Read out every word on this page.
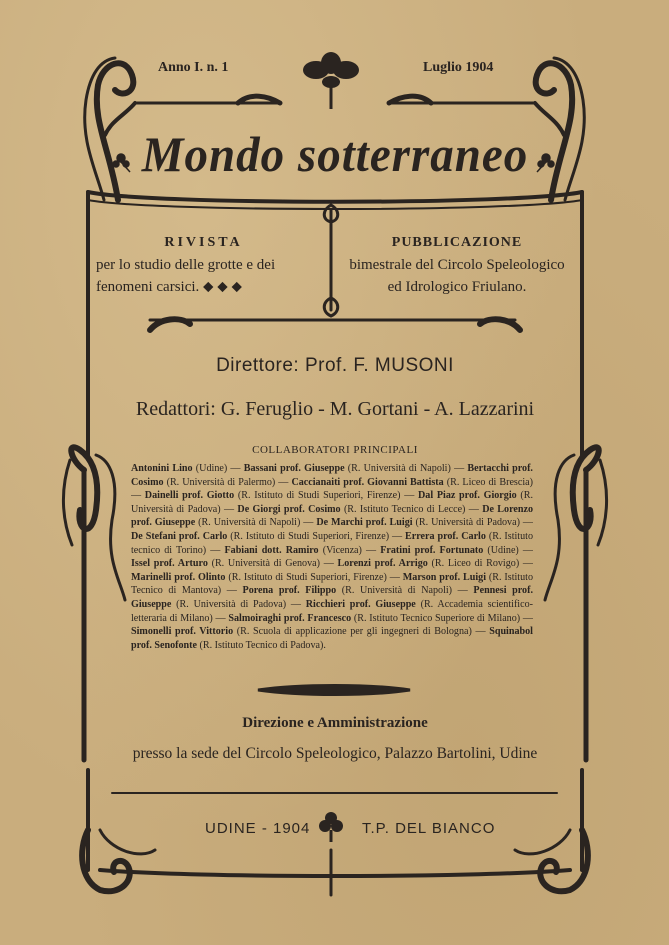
Anno I. n. 1	Luglio 1904
Mondo sotterraneo
RIVISTA
per lo studio delle grotte e dei fenomeni carsici. ⬥ ⬥ ⬥
PUBBLICAZIONE
bimestrale del Circolo Speleologico ed Idrologico Friulano.
Direttore: Prof. F. MUSONI
Redattori: G. Feruglio - M. Gortani - A. Lazzarini
COLLABORATORI PRINCIPALI
Antonini Lino (Udine) — Bassani prof. Giuseppe (R. Università di Napoli) — Bertacchi prof. Cosimo (R. Università di Palermo) — Caccianaiti prof. Giovanni Battista (R. Liceo di Brescia) — Dainelli prof. Giotto (R. Istituto di Studi Superiori, Firenze) — Dal Piaz prof. Giorgio (R. Università di Padova) — De Giorgi prof. Cosimo (R. Istituto Tecnico di Lecce) — De Lorenzo prof. Giuseppe (R. Università di Napoli) — De Marchi prof. Luigi (R. Università di Padova) — De Stefani prof. Carlo (R. Istituto di Studi Superiori, Firenze) — Errera prof. Carlo (R. Istituto tecnico di Torino) — Fabiani dott. Ramiro (Vicenza) — Fratini prof. Fortunato (Udine) — Issel prof. Arturo (R. Università di Genova) — Lorenzi prof. Arrigo (R. Liceo di Rovigo) — Marinelli prof. Olinto (R. Istituto di Studi Superiori, Firenze) — Marson prof. Luigi (R. Istituto Tecnico di Mantova) — Porena prof. Filippo (R. Università di Napoli) — Pennesi prof. Giuseppe (R. Università di Padova) — Ricchieri prof. Giuseppe (R. Accademia scientifico-letteraria di Milano) — Salmoiraghi prof. Francesco (R. Istituto Tecnico Superiore di Milano) — Simonelli prof. Vittorio (R. Scuola di applicazione per gli ingegneri di Bologna) — Squinabol prof. Senofonte (R. Istituto Tecnico di Padova).
Direzione e Amministrazione
presso la sede del Circolo Speleologico, Palazzo Bartolini, Udine
UDINE - 1904	T.P. DEL BIANCO
